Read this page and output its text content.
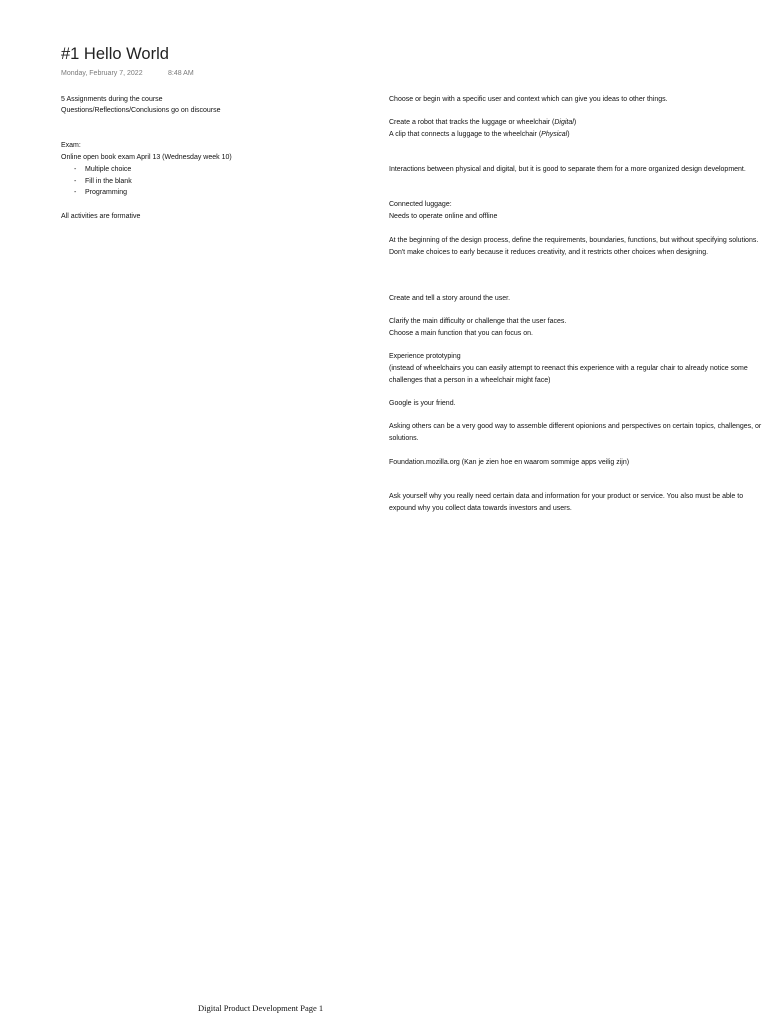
#1 Hello World
Monday, February 7, 2022	8:48 AM
5 Assignments during the course
Questions/Reflections/Conclusions go on discourse
Exam:
Online open book exam April 13 (Wednesday week 10)
- Multiple choice
- Fill in the blank
- Programming
All activities are formative
Choose or begin with a specific user and context which can give you ideas to other things.
Create a robot that tracks the luggage or wheelchair (Digital)
A clip that connects a luggage to the wheelchair (Physical)
Interactions between physical and digital, but it is good to separate them for a more organized design development.
Connected luggage:
Needs to operate online and offline
At the beginning of the design process, define the requirements, boundaries, functions, but without specifying solutions. Don't make choices to early because it reduces creativity, and it restricts other choices when designing.
Create and tell a story around the user.
Clarify the main difficulty or challenge that the user faces.
Choose a main function that you can focus on.
Experience prototyping
(instead of wheelchairs you can easily attempt to reenact this experience with a regular chair to already notice some challenges that a person in a wheelchair might face)
Google is your friend.
Asking others can be a very good way to assemble different opionions and perspectives on certain topics, challenges, or solutions.
Foundation.mozilla.org (Kan je zien hoe en waarom sommige apps veilig zijn)
Ask yourself why you really need certain data and information for your product or service. You also must be able to expound why you collect data towards investors and users.
Digital Product Development Page 1
